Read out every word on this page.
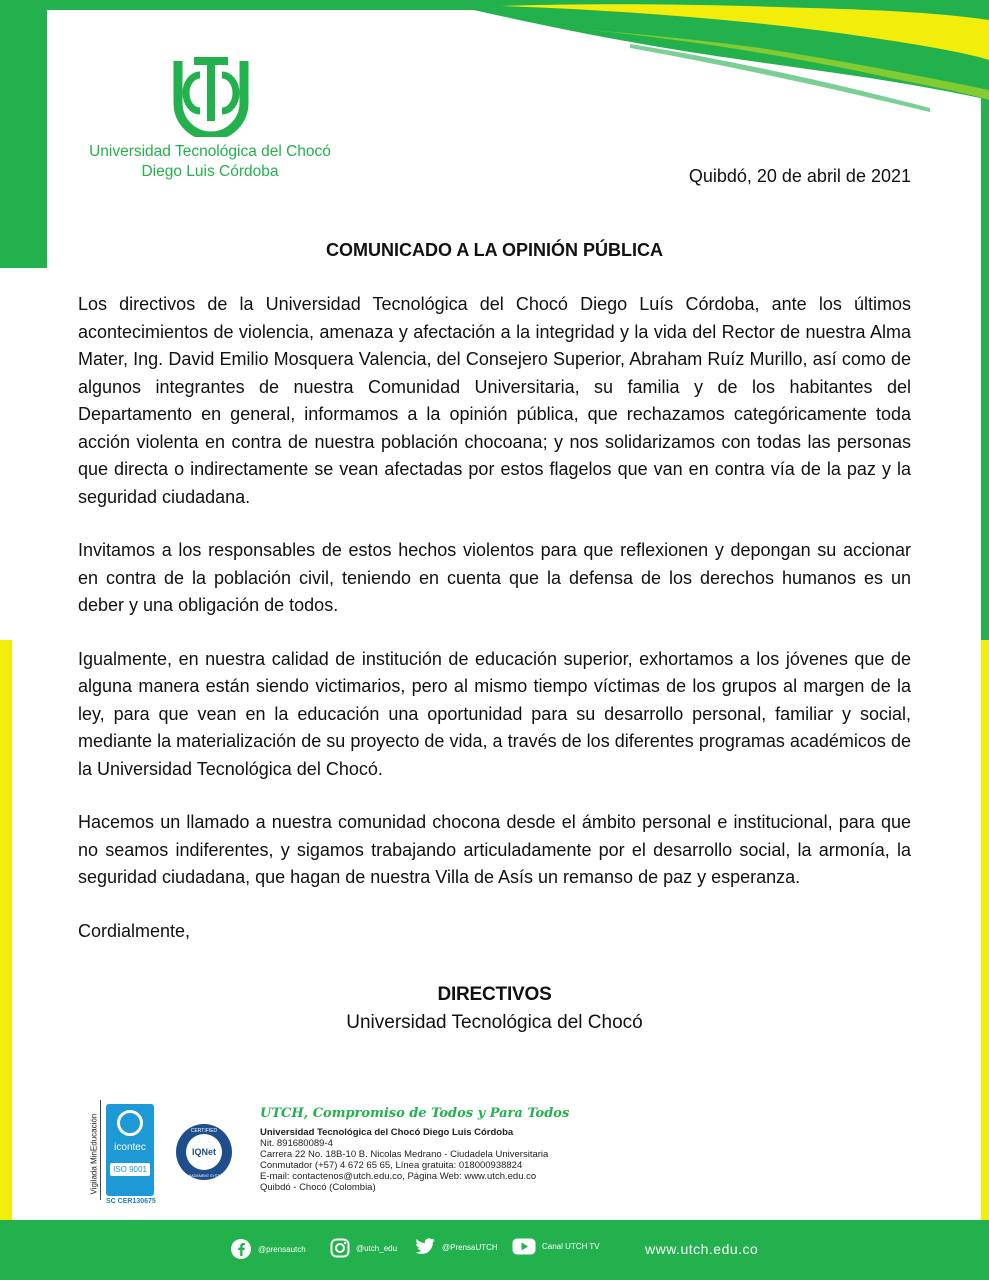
Universidad Tecnológica del Chocó
Diego Luis Córdoba	Quibdó, 20 de abril de 2021
COMUNICADO A LA OPINIÓN PÚBLICA

Los directivos de la Universidad Tecnológica del Chocó Diego Luís Córdoba, ante los últimos acontecimientos de violencia, amenaza y afectación a la integridad y la vida del Rector de nuestra Alma Mater, Ing. David Emilio Mosquera Valencia, del Consejero Superior, Abraham Ruíz Murillo, así como de algunos integrantes de nuestra Comunidad Universitaria, su familia y de los habitantes del Departamento en general, informamos a la opinión pública, que rechazamos categóricamente toda acción violenta en contra de nuestra población chocoana; y nos solidarizamos con todas las personas que directa o indirectamente se vean afectadas por estos flagelos que van en contra vía de la paz y la seguridad ciudadana.

Invitamos a los responsables de estos hechos violentos para que reflexionen y depongan su accionar en contra de la población civil, teniendo en cuenta que la defensa de los derechos humanos es un deber y una obligación de todos.

Igualmente, en nuestra calidad de institución de educación superior, exhortamos a los jóvenes que de alguna manera están siendo victimarios, pero al mismo tiempo víctimas de los grupos al margen de la ley, para que vean en la educación una oportunidad para su desarrollo personal, familiar y social, mediante la materialización de su proyecto de vida, a través de los diferentes programas académicos de la Universidad Tecnológica del Chocó.

Hacemos un llamado a nuestra comunidad chocona desde el ámbito personal e institucional, para que no seamos indiferentes, y sigamos trabajando articuladamente por el desarrollo social, la armonía, la seguridad ciudadana, que hagan de nuestra Villa de Asís un remanso de paz y esperanza.

Cordialmente,

DIRECTIVOS
Universidad Tecnológica del Chocó
Vigilada MinEducación	icontec
ISO 9001
SC CER130675
IQNet
CERTIFIED
MANAGEMENT SYSTEM
UTCH, Compromiso de Todos y Para Todos
Universidad Tecnológica del Chocó Diego Luis Córdoba
Nit. 891680089-4
Carrera 22 No. 18B-10 B. Nicolas Medrano - Ciudadela Universitaria
Conmutador (+57) 4 672 65 65, Línea gratuita: 018000938824
E-mail: contactenos@utch.edu.co, Página Web: www.utch.edu.co
Quibdó - Chocó (Colombia)
@prensautch	@utch_edu	@PrensaUTCH	Canal UTCH TV	www.utch.edu.co
